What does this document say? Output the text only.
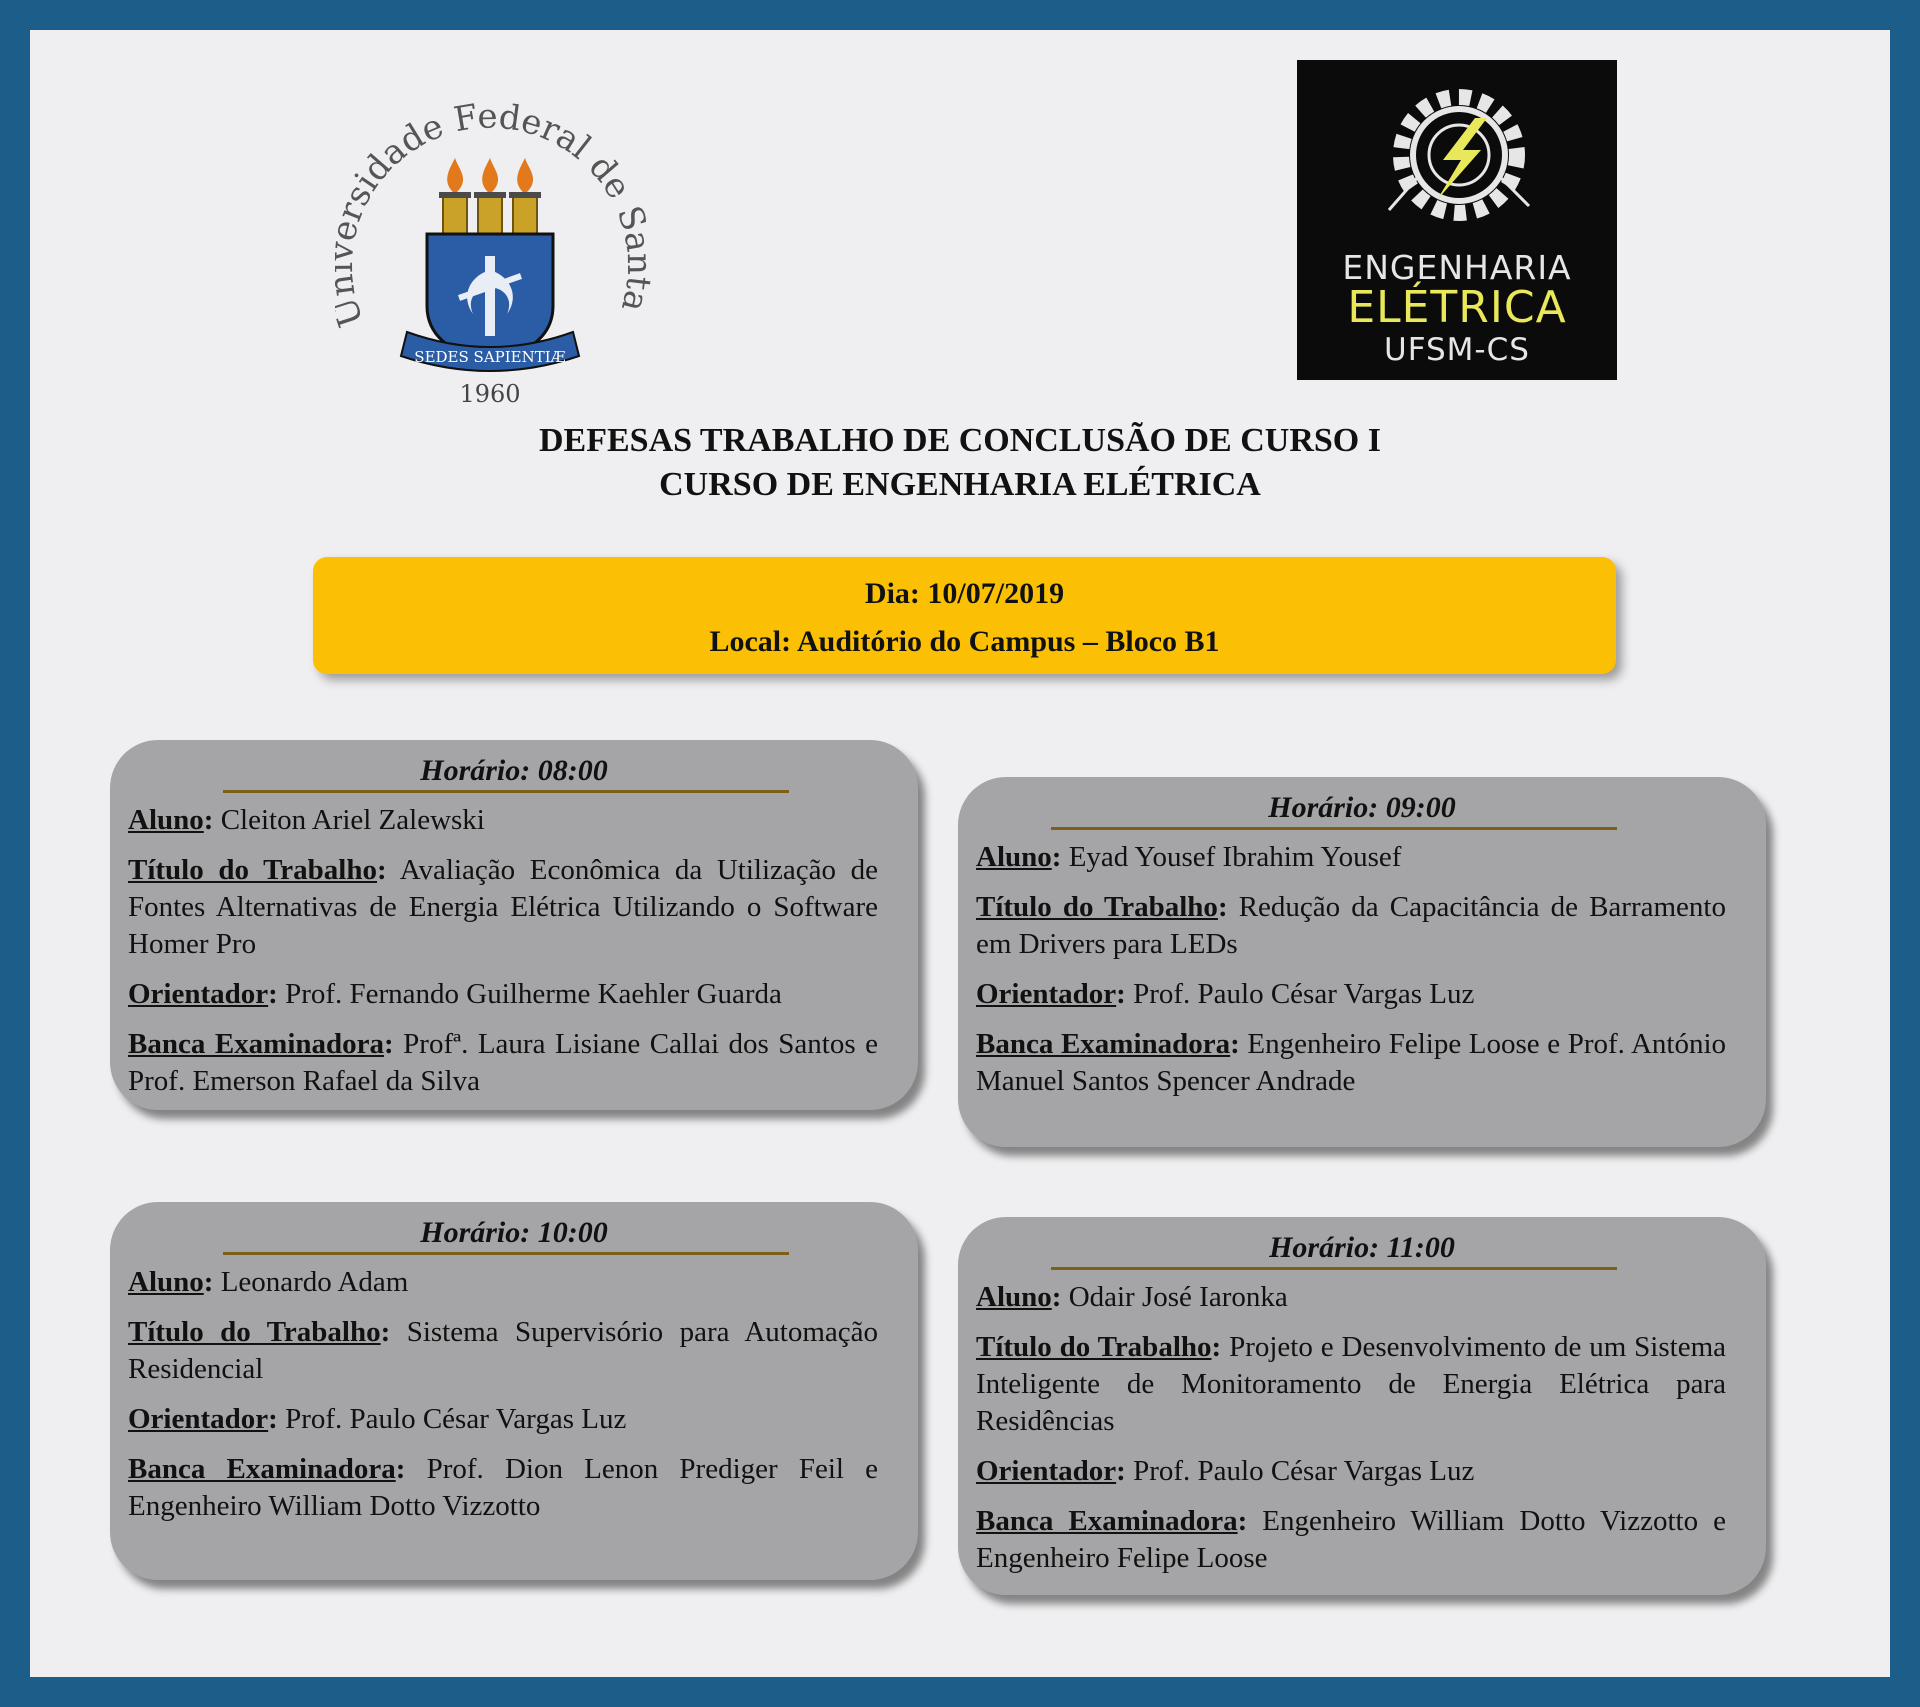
sidade Federal de Santa
SEDES SAPIENTIÆ
1960
ENGENHARIA
ELÉTRICA
UFSM-CS
DEFESAS TRABALHO DE CONCLUSÃO DE CURSO I
CURSO DE ENGENHARIA ELÉTRICA
Dia: 10/07/2019
Local: Auditório do Campus – Bloco B1
Horário: 08:00

Aluno: Cleiton Ariel Zalewski

Título do Trabalho: Avaliação Econômica da Utilização de Fontes Alternativas de Energia Elétrica Utilizando o Software Homer Pro

Orientador: Prof. Fernando Guilherme Kaehler Guarda

Banca Examinadora: Profª. Laura Lisiane Callai dos Santos e Prof. Emerson Rafael da Silva

Horário: 09:00

Aluno: Eyad Yousef Ibrahim Yousef

Título do Trabalho: Redução da Capacitância de Barramento em Drivers para LEDs

Orientador: Prof. Paulo César Vargas Luz

Banca Examinadora: Engenheiro Felipe Loose e Prof. António Manuel Santos Spencer Andrade

Horário: 10:00

Aluno: Leonardo Adam

Título do Trabalho: Sistema Supervisório para Automação Residencial

Orientador: Prof. Paulo César Vargas Luz

Banca Examinadora: Prof. Dion Lenon Prediger Feil e Engenheiro William Dotto Vizzotto

Horário: 11:00

Aluno: Odair José Iaronka

Título do Trabalho: Projeto e Desenvolvimento de um Sistema Inteligente de Monitoramento de Energia Elétrica para Residências

Orientador: Prof. Paulo César Vargas Luz

Banca Examinadora: Engenheiro William Dotto Vizzotto e Engenheiro Felipe Loose
